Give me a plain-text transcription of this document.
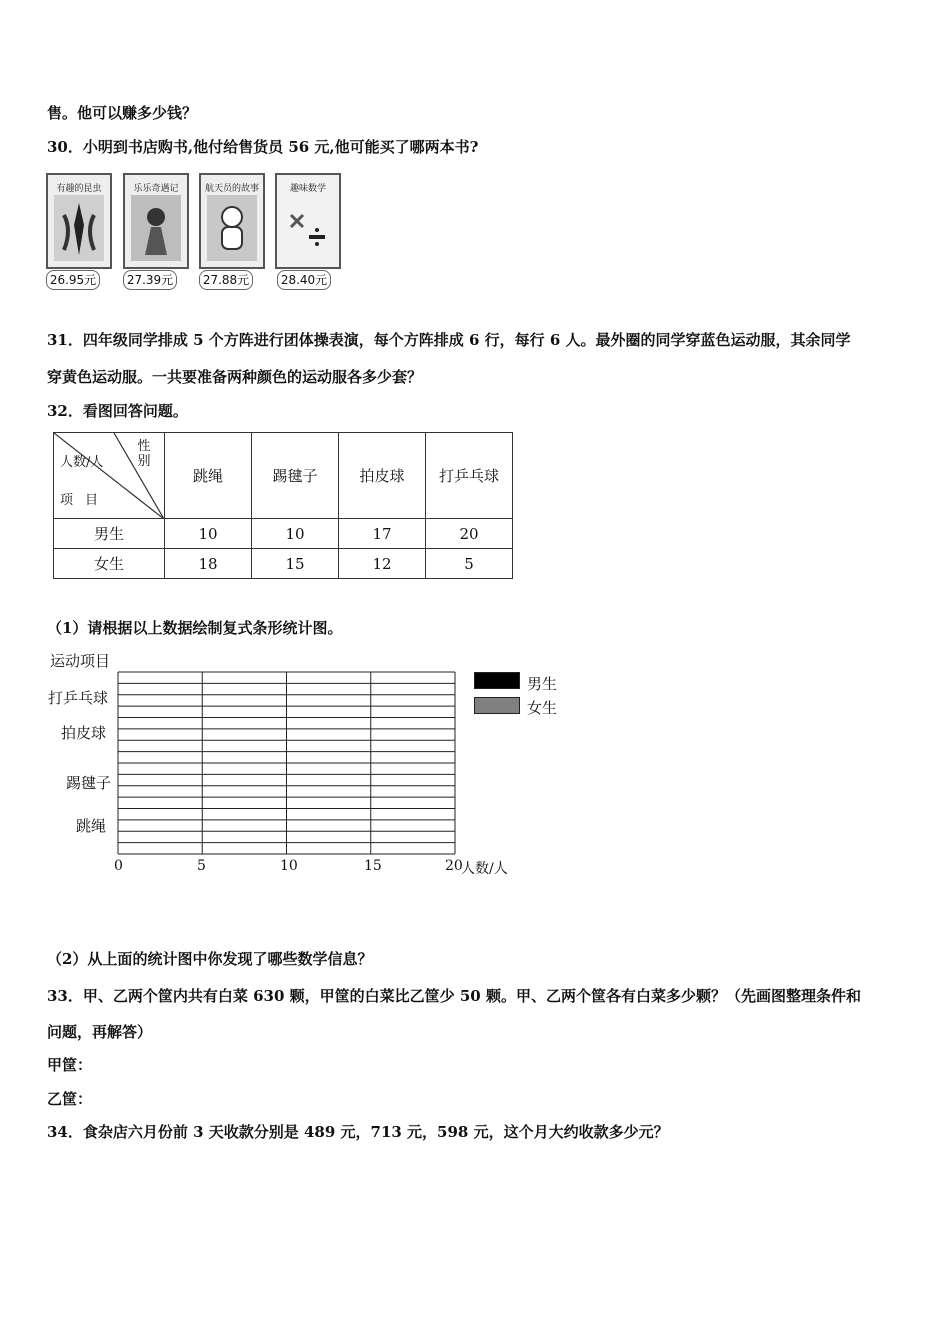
售。他可以赚多少钱？
30．小明到书店购书,他付给售货员 56 元,他可能买了哪两本书?
有趣的昆虫	乐乐奇遇记	航天员的故事	趣味数学
26.95元	27.39元	27.88元	28.40元
31．四年级同学排成 5 个方阵进行团体操表演，每个方阵排成 6 行，每行 6 人。最外圈的同学穿蓝色运动服，其余同学
穿黄色运动服。一共要准备两种颜色的运动服各多少套？
32．看图回答问题。
性别
人数/人
项目	跳绳	踢毽子	拍皮球	打乒乓球
男生	10	10	17	20
女生	18	15	12	5
（1）请根据以上数据绘制复式条形统计图。
运动项目
打乒乓球
拍皮球
踢毽子
跳绳
0	5	10	15	20
人数/人
男生
女生
（2）从上面的统计图中你发现了哪些数学信息？
33．甲、乙两个筐内共有白菜 630 颗，甲筐的白菜比乙筐少 50 颗。甲、乙两个筐各有白菜多少颗？（先画图整理条件和
问题，再解答）
甲筐：
乙筐：
34．食杂店六月份前 3 天收款分别是 489 元，713 元，598 元，这个月大约收款多少元？
